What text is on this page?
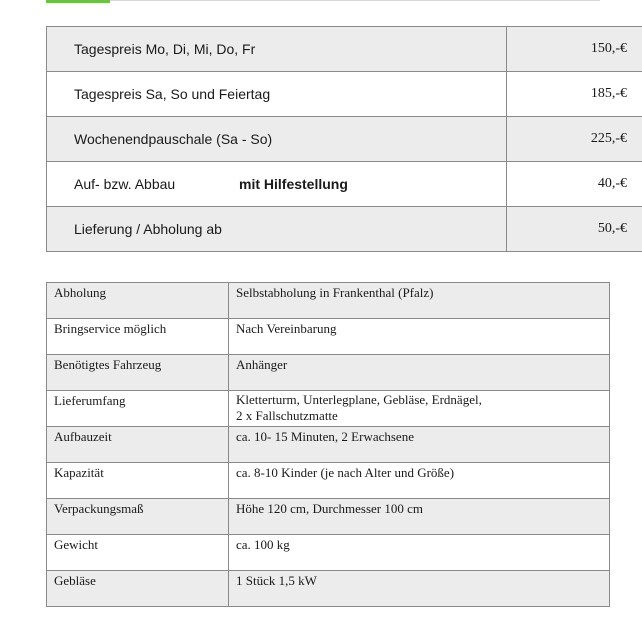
Tagespreis Mo, Di, Mi, Do, Fr	150,-€
Tagespreis Sa, So und Feiertag	185,-€
Wochenendpauschale (Sa - So)	225,-€
Auf- bzw. Abbau mit Hilfestellung	40,-€
Lieferung / Abholung ab	50,-€
Abholung	Selbstabholung in Frankenthal (Pfalz)
Bringservice möglich	Nach Vereinbarung
Benötigtes Fahrzeug	Anhänger
Lieferumfang	Kletterturm, Unterlegplane, Gebläse, Erdnägel,
2 x Fallschutzmatte

Aufbauzeit	ca. 10- 15 Minuten, 2 Erwachsene
Kapazität	ca. 8-10 Kinder (je nach Alter und Größe)
Verpackungsmaß	Höhe 120 cm, Durchmesser 100 cm
Gewicht	ca. 100 kg
Gebläse	1 Stück 1,5 kW
